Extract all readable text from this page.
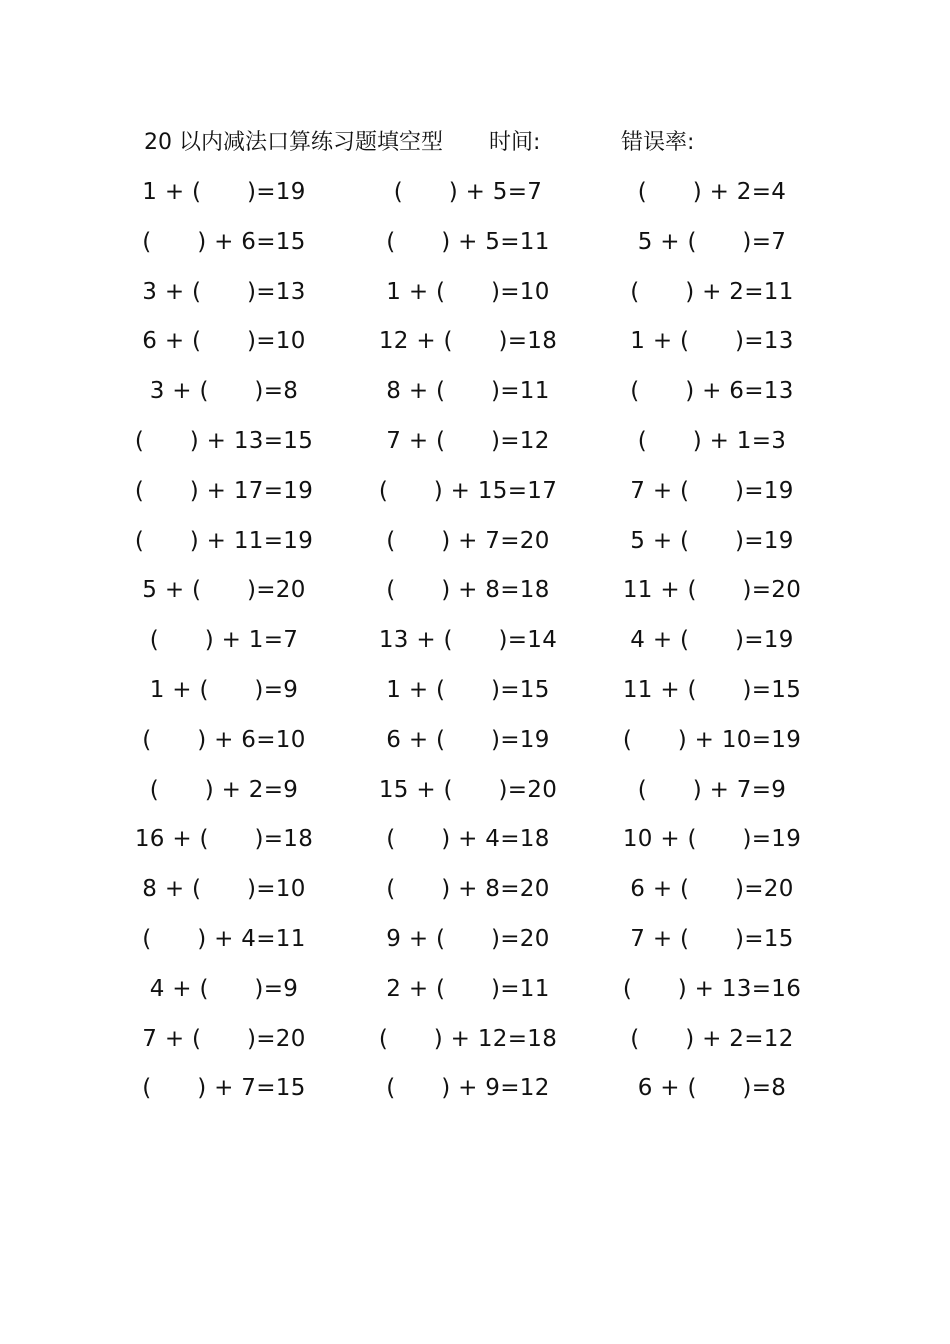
20 以内减法口算练习题填空型 时间:	错误率:
1 + (      )=19	(      ) + 5=7	(      ) + 2=4
(      ) + 6=15	(      ) + 5=11	5 + (      )=7
3 + (      )=13	1 + (      )=10	(      ) + 2=11
6 + (      )=10	12 + (      )=18	1 + (      )=13
3 + (      )=8	8 + (      )=11	(      ) + 6=13
(      ) + 13=15	7 + (      )=12	(      ) + 1=3
(      ) + 17=19	(      ) + 15=17	7 + (      )=19
(      ) + 11=19	(      ) + 7=20	5 + (      )=19
5 + (      )=20	(      ) + 8=18	11 + (      )=20
(      ) + 1=7	13 + (      )=14	4 + (      )=19
1 + (      )=9	1 + (      )=15	11 + (      )=15
(      ) + 6=10	6 + (      )=19	(      ) + 10=19
(      ) + 2=9	15 + (      )=20	(      ) + 7=9
16 + (      )=18	(      ) + 4=18	10 + (      )=19
8 + (      )=10	(      ) + 8=20	6 + (      )=20
(      ) + 4=11	9 + (      )=20	7 + (      )=15
4 + (      )=9	2 + (      )=11	(      ) + 13=16
7 + (      )=20	(      ) + 12=18	(      ) + 2=12
(      ) + 7=15	(      ) + 9=12	6 + (      )=8
